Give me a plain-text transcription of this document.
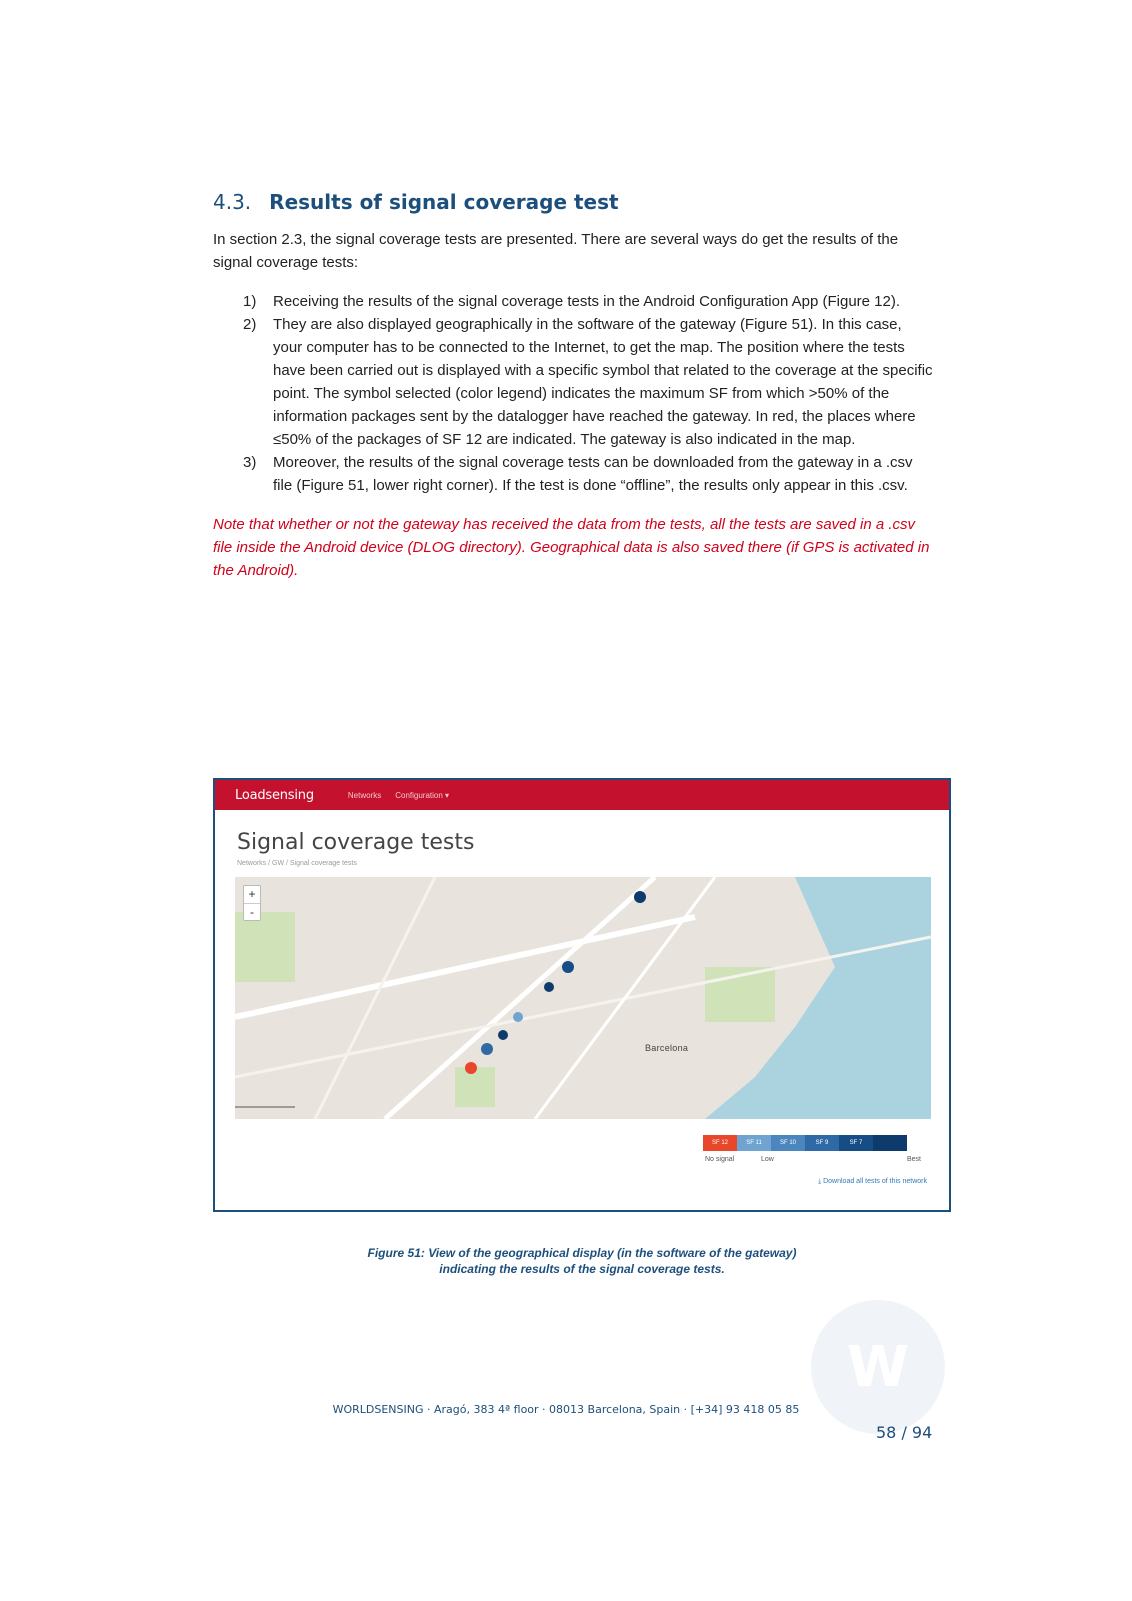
4.3. Results of signal coverage test

In section 2.3, the signal coverage tests are presented. There are several ways do get the results of the signal coverage tests:

1) Receiving the results of the signal coverage tests in the Android Configuration App (Figure 12).
2) They are also displayed geographically in the software of the gateway (Figure 51). In this case, your computer has to be connected to the Internet, to get the map. The position where the tests have been carried out is displayed with a specific symbol that related to the coverage at the specific point. The symbol selected (color legend) indicates the maximum SF from which >50% of the information packages sent by the datalogger have reached the gateway. In red, the places where ≤50% of the packages of SF 12 are indicated. The gateway is also indicated in the map.
3) Moreover, the results of the signal coverage tests can be downloaded from the gateway in a .csv file (Figure 51, lower right corner). If the test is done “offline”, the results only appear in this .csv.

Note that whether or not the gateway has received the data from the tests, all the tests are saved in a .csv file inside the Android device (DLOG directory). Geographical data is also saved there (if GPS is activated in the Android).

Loadsensing	Networks Configuration ▾
Signal coverage tests
Networks / GW / Signal coverage tests
+
-
Barcelona
SF 12	SF 11	SF 10	SF 9	SF 7
No signal	Low	Best
⤓ Download all tests of this network
Figure 51: View of the geographical display (in the software of the gateway)
indicating the results of the signal coverage tests.
W
WORLDSENSING · Aragó, 383 4ª floor · 08013 Barcelona, Spain · [+34] 93 418 05 85
58 / 94
